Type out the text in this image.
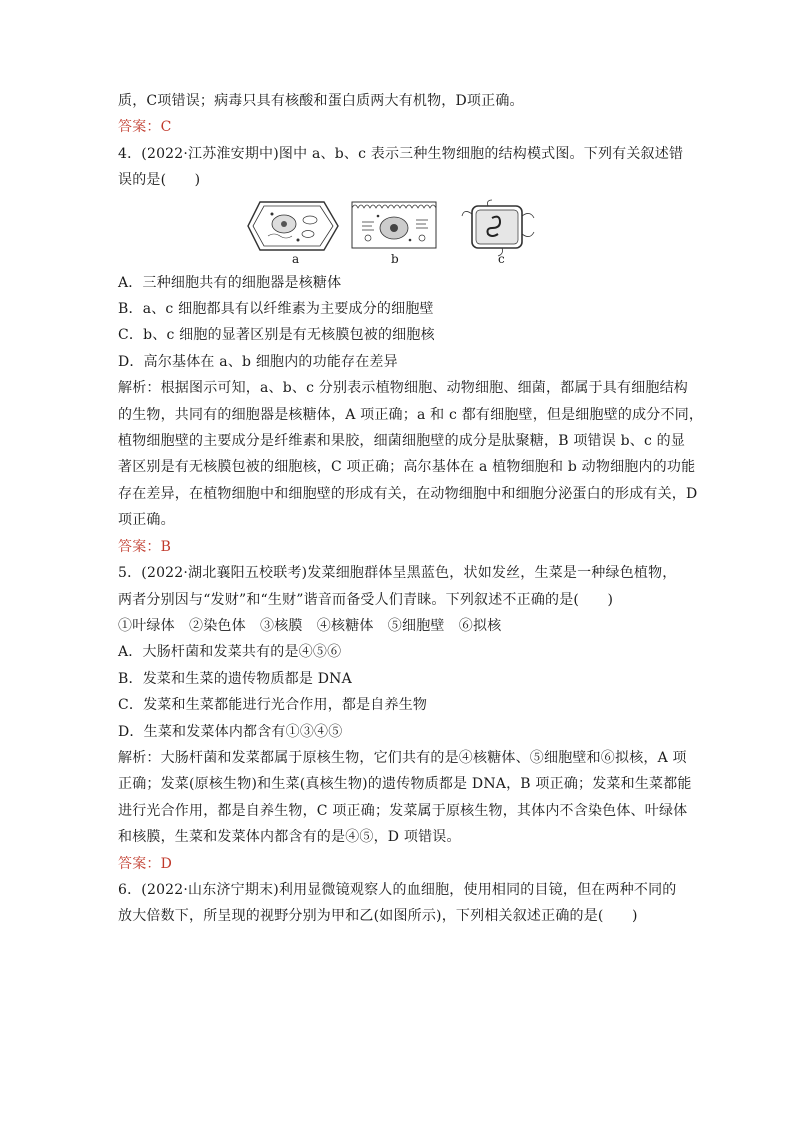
质，C项错误；病毒只具有核酸和蛋白质两大有机物，D项正确。
答案：C
4．(2022·江苏淮安期中)图中 a、b、c 表示三种生物细胞的结构模式图。下列有关叙述错
误的是(　　)
a	b	c
A．三种细胞共有的细胞器是核糖体
B．a、c 细胞都具有以纤维素为主要成分的细胞壁
C．b、c 细胞的显著区别是有无核膜包被的细胞核
D．高尔基体在 a、b 细胞内的功能存在差异
解析：根据图示可知，a、b、c 分别表示植物细胞、动物细胞、细菌，都属于具有细胞结构
的生物，共同有的细胞器是核糖体，A 项正确；a 和 c 都有细胞壁，但是细胞壁的成分不同，
植物细胞壁的主要成分是纤维素和果胶，细菌细胞壁的成分是肽聚糖，B 项错误 b、c 的显
著区别是有无核膜包被的细胞核，C 项正确；高尔基体在 a 植物细胞和 b 动物细胞内的功能
存在差异，在植物细胞中和细胞壁的形成有关，在动物细胞中和细胞分泌蛋白的形成有关，D
项正确。
答案：B
5．(2022·湖北襄阳五校联考)发菜细胞群体呈黑蓝色，状如发丝，生菜是一种绿色植物，
两者分别因与“发财”和“生财”谐音而备受人们青睐。下列叙述不正确的是(　　)
①叶绿体　②染色体　③核膜　④核糖体　⑤细胞壁　⑥拟核
A．大肠杆菌和发菜共有的是④⑤⑥
B．发菜和生菜的遗传物质都是 DNA
C．发菜和生菜都能进行光合作用，都是自养生物
D．生菜和发菜体内都含有①③④⑤
解析：大肠杆菌和发菜都属于原核生物，它们共有的是④核糖体、⑤细胞壁和⑥拟核，A 项
正确；发菜(原核生物)和生菜(真核生物)的遗传物质都是 DNA，B 项正确；发菜和生菜都能
进行光合作用，都是自养生物，C 项正确；发菜属于原核生物，其体内不含染色体、叶绿体
和核膜，生菜和发菜体内都含有的是④⑤，D 项错误。
答案：D
6．(2022·山东济宁期末)利用显微镜观察人的血细胞，使用相同的目镜，但在两种不同的
放大倍数下，所呈现的视野分别为甲和乙(如图所示)，下列相关叙述正确的是(　　)
